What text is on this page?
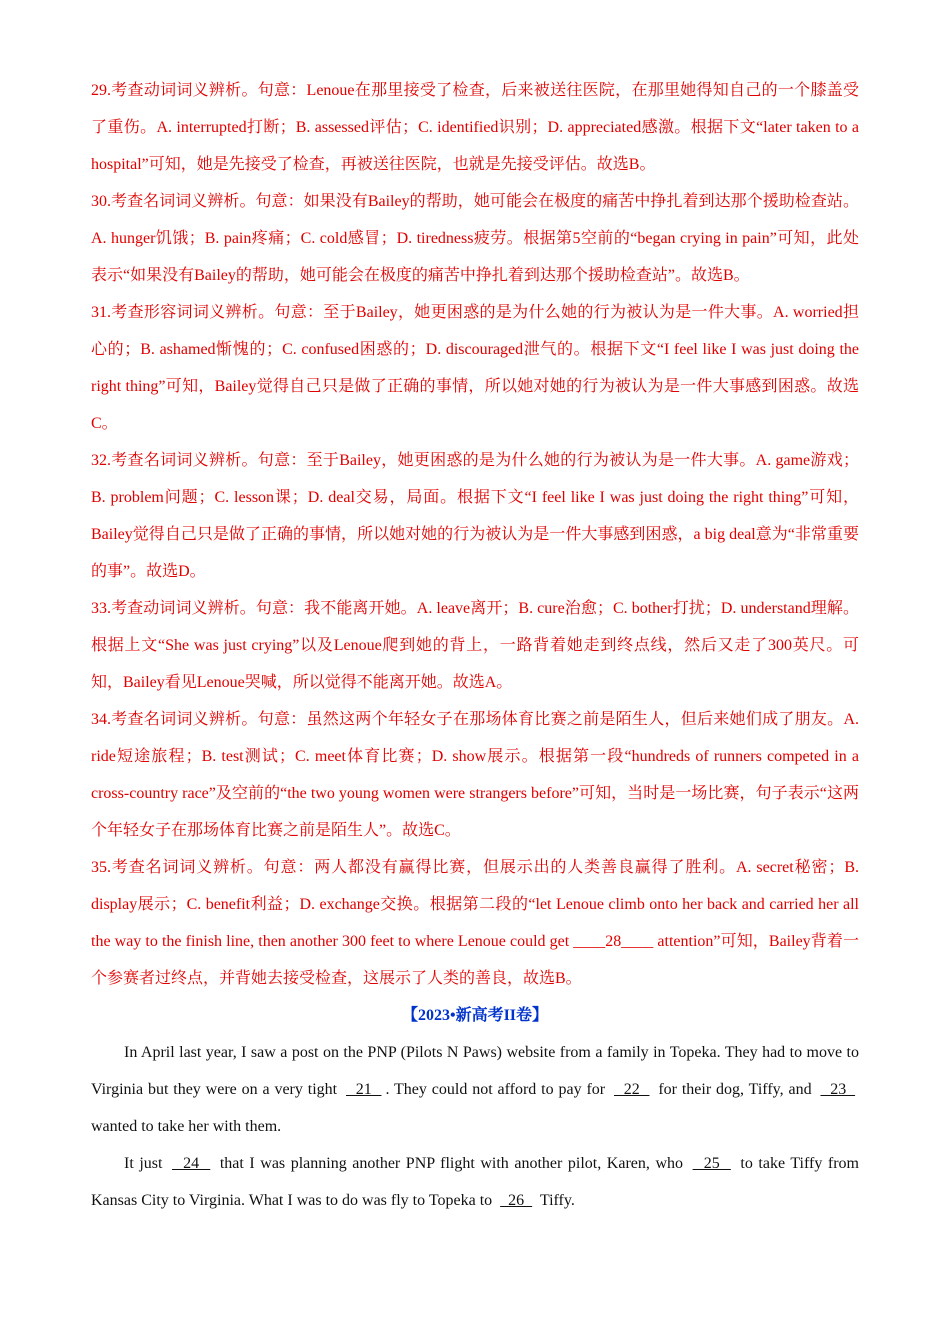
29.考查动词词义辨析。句意：Lenoue在那里接受了检查，后来被送往医院，在那里她得知自己的一个膝盖受了重伤。A. interrupted打断；B. assessed评估；C. identified识别；D. appreciated感激。根据下文“later taken to a hospital”可知，她是先接受了检查，再被送往医院，也就是先接受评估。故选B。

30.考查名词词义辨析。句意：如果没有Bailey的帮助，她可能会在极度的痛苦中挣扎着到达那个援助检查站。A. hunger饥饿；B. pain疼痛；C. cold感冒；D. tiredness疲劳。根据第5空前的“began crying in pain”可知，此处表示“如果没有Bailey的帮助，她可能会在极度的痛苦中挣扎着到达那个援助检查站”。故选B。

31.考查形容词词义辨析。句意：至于Bailey，她更困惑的是为什么她的行为被认为是一件大事。A. worried担心的；B. ashamed惭愧的；C. confused困惑的；D. discouraged泄气的。根据下文“I feel like I was just doing the right thing”可知，Bailey觉得自己只是做了正确的事情，所以她对她的行为被认为是一件大事感到困惑。故选C。

32.考查名词词义辨析。句意：至于Bailey，她更困惑的是为什么她的行为被认为是一件大事。A. game游戏；B. problem问题；C. lesson课；D. deal交易，局面。根据下文“I feel like I was just doing the right thing”可知，Bailey觉得自己只是做了正确的事情，所以她对她的行为被认为是一件大事感到困惑，a big deal意为“非常重要的事”。故选D。

33.考查动词词义辨析。句意：我不能离开她。A. leave离开；B. cure治愈；C. bother打扰；D. understand理解。根据上文“She was just crying”以及Lenoue爬到她的背上，一路背着她走到终点线，然后又走了300英尺。可知，Bailey看见Lenoue哭喊，所以觉得不能离开她。故选A。

34.考查名词词义辨析。句意：虽然这两个年轻女子在那场体育比赛之前是陌生人，但后来她们成了朋友。A. ride短途旅程；B. test测试；C. meet体育比赛；D. show展示。根据第一段“hundreds of runners competed in a cross-country race”及空前的“the two young women were strangers before”可知，当时是一场比赛，句子表示“这两个年轻女子在那场体育比赛之前是陌生人”。故选C。

35.考查名词词义辨析。句意：两人都没有赢得比赛，但展示出的人类善良赢得了胜利。A. secret秘密；B. display展示；C. benefit利益；D. exchange交换。根据第二段的“let Lenoue climb onto her back and carried her all the way to the finish line, then another 300 feet to where Lenoue could get ____28____ attention”可知，Bailey背着一个参赛者过终点，并背她去接受检查，这展示了人类的善良，故选B。

【2023•新高考II卷】

In April last year, I saw a post on the PNP (Pilots N Paws) website from a family in Topeka. They had to move to Virginia but they were on a very tight   21  . They could not afford to pay for   22   for their dog, Tiffy, and   23   wanted to take her with them.

It just   24   that I was planning another PNP flight with another pilot, Karen, who   25   to take Tiffy from Kansas City to Virginia. What I was to do was fly to Topeka to   26   Tiffy.
